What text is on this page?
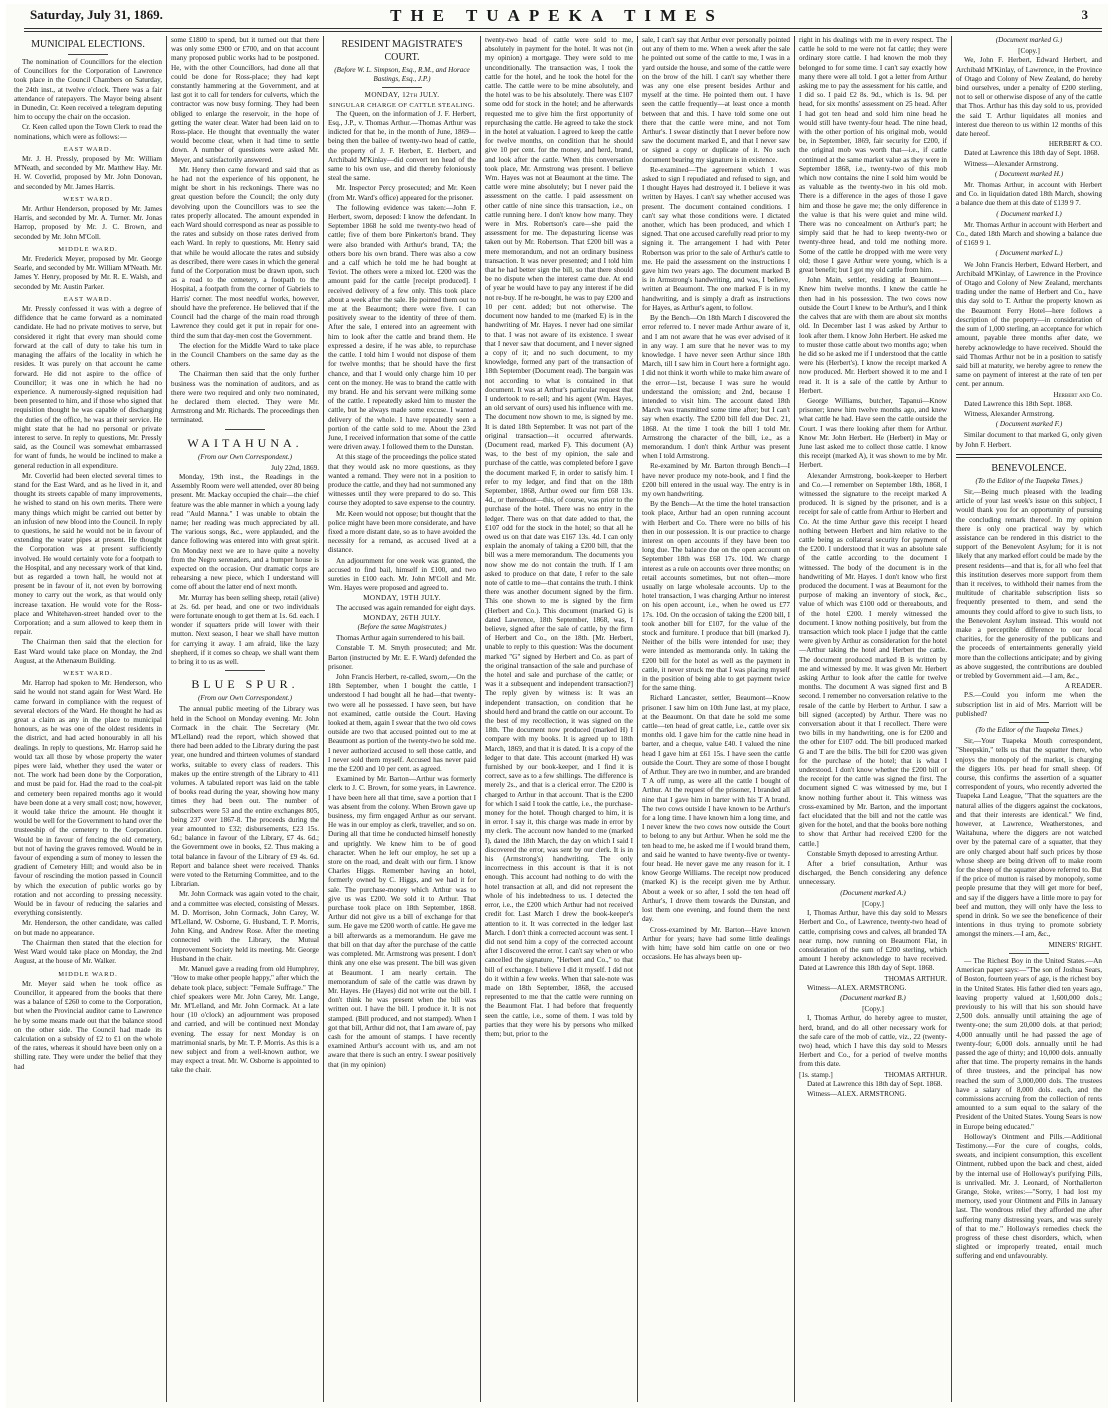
Saturday, July 31, 1869.	THE TUAPEKA TIMES	3
MUNICIPAL ELECTIONS.

The nomination of Councillors for the election of Councillors for the Corporation of Lawrence took place in the Council Chambers on Saturday, the 24th inst., at twelve o'clock. There was a fair attendance of ratepayers. The Mayor being absent in Dunedin, Cr. Keen received a telegram deputing him to occupy the chair on the occasion.

Cr. Keen called upon the Town Clerk to read the nominations, which were as follows:—

EAST WARD.

Mr. J. H. Pressly, proposed by Mr. William M'Neath, and seconded by Mr. Matthew Hay. Mr. H. W. Coverlid, proposed by Mr. John Donovan, and seconded by Mr. James Harris.

WEST WARD.

Mr. Arthur Henderson, proposed by Mr. James Harris, and seconded by Mr. A. Turner. Mr. Jonas Harrop, proposed by Mr. J. C. Brown, and seconded by Mr. John M'Coll.

MIDDLE WARD.

Mr. Frederick Meyer, proposed by Mr. George Searle, and seconded by Mr. William M'Neath. Mr. James Y. Henry, proposed by Mr. R. E. Walsh, and seconded by Mr. Austin Parker.

EAST WARD.

Mr. Pressly confessed it was with a degree of diffidence that he came forward as a nominated candidate. He had no private motives to serve, but considered it right that every man should come forward at the call of duty to take his turn in managing the affairs of the locality in which he resides. It was purely on that account he came forward. He did not aspire to the office of Councillor; it was one in which he had no experience. A numerously-signed requisition had been presented to him, and if those who signed that requisition thought he was capable of discharging the duties of the office, he was at their service. He might state that he had no personal or private interest to serve. In reply to questions, Mr. Pressly said, as the Council was somewhat embarrassed for want of funds, he would be inclined to make a general reduction in all expenditure.

Mr. Coverlid had been elected several times to stand for the East Ward, and as he lived in it, and thought its streets capable of many improvements, he wished to stand on his own merits. There were many things which might be carried out better by an infusion of new blood into the Council. In reply to questions, he said he would not be in favour of extending the water pipes at present. He thought the Corporation was at present sufficiently involved. He would certainly vote for a footpath to the Hospital, and any necessary work of that kind, but as regarded a town hall, he would not at present be in favour of it, not even by borrowing money to carry out the work, as that would only increase taxation. He would vote for the Ross-place and Whitehaven-street handed over to the Corporation; and a sum allowed to keep them in repair.

The Chairman then said that the election for East Ward would take place on Monday, the 2nd August, at the Athenæum Building.

WEST WARD.

Mr. Harrop had spoken to Mr. Henderson, who said he would not stand again for West Ward. He came forward in compliance with the request of several electors of the Ward. He thought he had as great a claim as any in the place to municipal honours, as he was one of the oldest residents in the district, and had acted honourably in all his dealings. In reply to questions, Mr. Harrop said he would tax all those by whose property the water pipes were laid, whether they used the water or not. The work had been done by the Corporation, and must be paid for. Had the road to the coal-pit and cemetery been repaired months ago it would have been done at a very small cost; now, however, it would take thrice the amount. He thought it would be well for the Government to hand over the trusteeship of the cemetery to the Corporation. Would be in favour of fencing the old cemetery, but not of having the graves removed. Would be in favour of expending a sum of money to lessen the gradient of Cemetery Hill; and would also be in favour of rescinding the motion passed in Council by which the execution of public works go by rotation and not according to pressing necessity. Would be in favour of reducing the salaries and everything consistently.

Mr. Henderson, the other candidate, was called on but made no appearance.

The Chairman then stated that the election for West Ward would take place on Monday, the 2nd August, at the house of Mr. Walker.

MIDDLE WARD.

Mr. Meyer said when he took office as Councillor, it appeared from the books that there was a balance of £260 to come to the Corporation, but when the Provincial auditor came to Lawrence he by some means made out that the balance stood on the other side. The Council had made its calculation on a subsidy of £2 to £1 on the whole of the rates, whereas it should have been only on a shilling rate. They were under the belief that they had

some £1800 to spend, but it turned out that there was only some £900 or £700, and on that account many proposed public works had to be postponed. He, with the other Councillors, had done all that could be done for Ross-place; they had kept constantly hammering at the Government, and at last got it to call for tenders for culverts, which the contractor was now busy forming. They had been obliged to enlarge the reservoir, in the hope of getting the water clear. Water had been laid on to Ross-place. He thought that eventually the water would become clear, when it had time to settle down. A number of questions were asked Mr. Meyer, and satisfactorily answered.

Mr. Henry then came forward and said that as he had not the experience of his opponent, he might be short in his reckonings. There was no great question before the Council; the only duty devolving upon the Councillors was to see the rates properly allocated. The amount expended in each Ward should correspond as near as possible to the rates and subsidy on those rates derived from each Ward. In reply to questions, Mr. Henry said that while he would allocate the rates and subsidy as described, there were cases in which the general fund of the Corporation must be drawn upon, such as a road to the cemetery, a footpath to the Hospital, a footpath from the corner of Gabriels to Harris' corner. The most needful works, however, should have the preference. He believed that if the Council had the charge of the main road through Lawrence they could get it put in repair for one-third the sum that day-men cost the Government.

The election for the Middle Ward to take place in the Council Chambers on the same day as the others.

The Chairman then said that the only further business was the nomination of auditors, and as there were two required and only two nominated, he declared them elected. They were Mr. Armstrong and Mr. Richards. The proceedings then terminated.

WAITAHUNA.
(From our Own Correspondent.)
July 22nd, 1869.

Monday, 19th inst., the Readings in the Assembly Room were well attended, over 80 being present. Mr. Mackay occupied the chair—the chief feature was the able manner in which a young lady read "Auld Manna." I was unable to obtain the name; her reading was much appreciated by all. The various songs, &c., were applauded, and the dance following was entered into with great spirit. On Monday next we are to have quite a novelty from the Negro serenaders, and a bumper house is expected on the occasion. Our dramatic corps are rehearsing a new piece, which I understand will come off about the latter end of next month.

Mr. Murray has been selling sheep, retail (alive) at 2s. 6d. per head, and one or two individuals were fortunate enough to get them at 1s. 6d. each. I wonder if squatters pride will lower with their mutton. Next season, I hear we shall have mutton for carrying it away. I am afraid, like the lazy shepherd, if it comes so cheap, we shall want them to bring it to us as well.

BLUE SPUR.
(From our Own Correspondent.)

The annual public meeting of the Library was held in the School on Monday evening. Mr. John Cormack in the chair. The Secretary (Mr. M'Lelland) read the report, which showed that there had been added to the Library during the past year, one hundred and thirteen volumes of standard works, suitable to every class of readers. This makes up the entire strength of the Library to 411 volumes. A tabulated report was laid on the table of books read during the year, showing how many times they had been out. The number of subscribers were 53 and the entire exchanges 805, being 237 over 1867-8. The proceeds during the year amounted to £32; disbursements, £23 15s. 6d.; balance in favour of the Library, £7 4s. 6d.; the Government owe in books, £2. Thus making a total balance in favour of the Library of £9 4s. 6d. Report and balance sheet were received. Thanks were voted to the Returning Committee, and to the Librarian.

Mr. John Cormack was again voted to the chair, and a committee was elected, consisting of Messrs. M. D. Morrison, John Cormack, John Carey, W. M'Lelland, W. Osborne, G. Husband, T. P. Morris, John King, and Andrew Rose. After the meeting connected with the Library, the Mutual Improvement Society held its meeting. Mr. George Husband in the chair.

Mr. Manuel gave a reading from old Humphrey, "How to make other people happy," after which the debate took place, subject: "Female Suffrage." The chief speakers were Mr. John Carey, Mr. Lange, Mr. M'Lelland, and Mr. John Cormack. At a late hour (10 o'clock) an adjournment was proposed and carried, and will be continued next Monday evening. The essay for next Monday is on matrimonial snarls, by Mr. T. P. Morris. As this is a new subject and from a well-known author, we may expect a treat. Mr. W. Osborne is appointed to take the chair.

RESIDENT MAGISTRATE'S COURT.
(Before W. L. Simpson, Esq., R.M., and Horace Bastings, Esq., J.P.)
MONDAY, 12th JULY.
SINGULAR CHARGE OF CATTLE STEALING.

The Queen, on the information of J. F. Herbert, Esq., J.P., v. Thomas Arthur.—Thomas Arthur was indicted for that he, in the month of June, 1869—being then the bailee of twenty-two head of cattle, the property of J. F. Herbert, E. Herbert, and Archibald M'Kinlay—did convert ten head of the same to his own use, and did thereby feloniously steal the same.

Mr. Inspector Percy prosecuted; and Mr. Keen (from Mr. Ward's office) appeared for the prisoner.

The following evidence was taken:—John F. Herbert, sworn, deposed: I know the defendant. In September 1868 he sold me twenty-two head of cattle; five of them bore Pinkerton's brand. They were also branded with Arthur's brand, TA; the others bore his own brand. There was also a cow and a calf which he told me he had bought at Teviot. The others were a mixed lot. £200 was the amount paid for the cattle [receipt produced]. I received delivery of a few only. This took place about a week after the sale. He pointed them out to me at the Beaumont; there were five. I can positively swear to the identity of three of them. After the sale, I entered into an agreement with him to look after the cattle and brand them. He expressed a desire, if he was able, to repurchase the cattle. I told him I would not dispose of them for twelve months; that he should have the first chance, and that I would only charge him 10 per cent on the money. He was to brand the cattle with my brand. He and his servant were milking some of the cattle. I repeatedly asked him to muster the cattle, but he always made some excuse. I wanted delivery of the whole. I have repeatedly seen a portion of the cattle sold to me. About the 23rd June, I received information that some of the cattle were driven away. I followed them to the Dunstan.

At this stage of the proceedings the police stated that they would ask no more questions, as they wanted a remand. They were not in a position to produce the cattle, and they had not summoned any witnesses until they were prepared to do so. This course they adopted to save expense to the country.

Mr. Keen would not oppose; but thought that the police might have been more considerate, and have fixed a more distant date, so as to have avoided the necessity for a remand, as accused lived at a distance.

An adjournment for one week was granted, the accused to find bail, himself in £100, and two sureties in £100 each. Mr. John M'Coll and Mr. Wm. Hayes were proposed and agreed to.

MONDAY, 19TH JULY.

The accused was again remanded for eight days.

MONDAY, 26TH JULY.
(Before the same Magistrates.)

Thomas Arthur again surrendered to his bail.

Constable T. M. Smyth prosecuted; and Mr. Barton (instructed by Mr. E. F. Ward) defended the prisoner.

John Francis Herbert, re-called, sworn,—On the 18th September, when I bought the cattle, I understood I had bought all he had—that twenty-two were all he possessed. I have seen, but have not examined, cattle outside the Court. Having looked at them, again I swear that the two old cows outside are two that accused pointed out to me at Beaumont as portion of the twenty-two he sold me. I never authorized accused to sell those cattle, and I never sold them myself. Accused has never paid me the £200 and 10 per cent. as agreed.

Examined by Mr. Barton—Arthur was formerly clerk to J. C. Brown, for some years, in Lawrence. I have been here all that time, save a portion that I was absent from the colony. When Brown gave up business, my firm engaged Arthur as our servant. He was in our employ as clerk, traveller, and so on. During all that time he conducted himself honestly and uprightly. We knew him to be of good character. When he left our employ, he set up a store on the road, and dealt with our firm. I know Charles Higgs. Remember having an hotel, formerly owned by C. Higgs, and we had it for sale. The purchase-money which Arthur was to give us was £200. We sold it to Arthur. That purchase took place on 18th September, 1868. Arthur did not give us a bill of exchange for that sum. He gave me £200 worth of cattle. He gave me a bill afterwards as a memorandum. He gave me that bill on that day after the purchase of the cattle was completed. Mr. Armstrong was present. I don't think any one else was present. The bill was given at Beaumont. I am nearly certain. The memorandum of sale of the cattle was drawn by Mr. Hayes. He (Hayes) did not write out the bill. I don't think he was present when the bill was written out. I have the bill. I produce it. It is not stamped. (Bill produced, and not stamped). When I got that bill, Arthur did not, that I am aware of, pay cash for the amount of stamps. I have recently examined Arthur's account with us, and am not aware that there is such an entry. I swear positively that (in my opinion)

twenty-two head of cattle were sold to me, absolutely in payment for the hotel. It was not (in my opinion) a mortgage. They were sold to me unconditionally. The transaction was, I took the cattle for the hotel, and he took the hotel for the cattle. The cattle were to be mine absolutely, and the hotel was to be his absolutely. There was £107 some odd for stock in the hotel; and he afterwards requested me to give him the first opportunity of repurchasing the cattle. He agreed to take the stock in the hotel at valuation. I agreed to keep the cattle for twelve months, on condition that he should give 10 per cent. for the money, and herd, brand, and look after the cattle. When this conversation took place, Mr. Armstrong was present. I believe Wm. Hayes was not at Beaumont at the time. The cattle were mine absolutely; but I never paid the assessment on the cattle. I paid assessment on other cattle of nine since this transaction, i.e., on cattle running here. I don't know how many. They were in Mrs. Robertson's care—she paid the assessment for me. The depasturing license was taken out by Mr. Robertson. That £200 bill was a mere memorandum, and not an ordinary business transaction. It was never presented; and I told him that he had better sign the bill, so that there should be no dispute when the interest came due. At end of year he would have to pay any interest if he did not re-buy. If he re-bought, he was to pay £200 and 10 per cent. added; but not otherwise. The document now handed to me (marked E) is in the handwriting of Mr. Hayes. I never had one similar to that. I was not aware of its existence. I swear that I never saw that document, and I never signed a copy of it; and no such document, to my knowledge, formed any part of the transaction of 18th September (Document read). The bargain was not according to what is contained in that document. It was at Arthur's particular request that I undertook to re-sell; and his agent (Wm. Hayes, an old servant of ours) used his influence with me. The document now shown to me, is signed by me. It is dated 18th September. It was not part of the original transaction—it occurred afterwards. (Document read, marked F). This document (A) was, to the best of my opinion, the sale and purchase of the cattle, was completed before I gave the document marked F, in order to satisfy him. I refer to my ledger, and find that on the 18th September, 1868, Arthur owed our firm £68 13s. 4d., or thereabout—this, of course, was prior to the purchase of the hotel. There was no entry in the ledger. There was on that date added to that, the £107 odd for the stock in the hotel; so that all he owed us on that date was £167 13s. 4d. I can only explain the anomaly of taking a £200 bill, that the bill was a mere memorandum. The documents you now show me do not contain the truth. If I am asked to produce on that date, I refer to the sale note of cattle to me—that contains the truth. I think there was another document signed by the firm. This one shown to me is signed by the firm (Herbert and Co.). This document (marked G) is dated Lawrence, 18th September, 1868, was, I believe, signed after the sale of cattle, by the firm of Herbert and Co., on the 18th. [Mr. Herbert, unable to reply to this question: Was the document marked "G" signed by Herbert and Co. as part of the original transaction of the sale and purchase of the hotel and sale and purchase of the cattle; or was it a subsequent and independent transaction?] The reply given by witness is: It was an independent transaction, on condition that he should herd and brand the cattle on our account. To the best of my recollection, it was signed on the 18th. The document now produced (marked H) I compare with my books. It is agreed up to 18th March, 1869, and that it is dated. It is a copy of the ledger to that date. This account (marked H) was furnished by our book-keeper, and I find it is correct, save as to a few shillings. The difference is merely 2s., and that is a clerical error. The £200 is charged to Arthur in that account. That is the £200 for which I said I took the cattle, i.e., the purchase-money for the hotel. Though charged to him, it is in error. I say it, this charge was made in error by my clerk. The account now handed to me (marked I), dated the 18th March, the day on which I said I discovered the error, was sent by our clerk. It is in his (Armstrong's) handwriting. The only incorrectness in this account is that it is not enough. This account had nothing to do with the hotel transaction at all, and did not represent the whole of his indebtedness to us. I detected the error, i.e., the £200 which Arthur had not received credit for. Last March I drew the book-keeper's attention to it. It was corrected in the ledger last March. I don't think a corrected account was sent. I did not send him a copy of the corrected account after I discovered the error. I can't say when or who cancelled the signature, "Herbert and Co.," to that bill of exchange. I believe I did it myself. I did not do it within a few weeks. When that sale-note was made on 18th September, 1868, the accused represented to me that the cattle were running on the Beaumont Flat. I had before that frequently seen the cattle, i.e., some of them. I was told by parties that they were his by persons who milked them; but, prior to the

sale, I can't say that Arthur ever personally pointed out any of them to me. When a week after the sale he pointed out some of the cattle to me, I was in a yard outside the house, and some of the cattle were on the brow of the hill. I can't say whether there was any one else present besides Arthur and myself at the time. He pointed them out. I have seen the cattle frequently—at least once a month between that and this. I have told some one out there that the cattle were mine, and not Tom Arthur's. I swear distinctly that I never before now saw the document marked E, and that I never saw or signed a copy or duplicate of it. No such document bearing my signature is in existence.

Re-examined—The agreement which I was asked to sign I repudiated and refused to sign, and I thought Hayes had destroyed it. I believe it was written by Hayes. I can't say whether accused was present. The document contained conditions. I can't say what those conditions were. I dictated another, which has been produced, and which I signed. That one accused carefully read prior to my signing it. The arrangement I had with Peter Robertson was prior to the sale of Arthur's cattle to me. He paid the assessment on the instructions I gave him two years ago. The document marked B is in Armstrong's handwriting, and was, I believe, written at Beaumont. The one marked F is in my handwriting, and is simply a draft as instructions for Hayes, as Arthur's agent, to follow.

By the Bench—On 18th March I discovered the error referred to. I never made Arthur aware of it, and I am not aware that he was ever advised of it in any way. I am sure that he never was to my knowledge. I have never seen Arthur since 18th March, till I saw him in Court here a fortnight ago. I did not think it worth while to make him aware of the error—1st, because I was sure he would understand the omission; and 2nd, because I intended to visit him. The account dated 18th March was transmitted some time after; but I can't say when exactly. The £200 bill fell due Dec. 21, 1868. At the time I took the bill I told Mr. Armstrong the character of the bill, i.e., as a memorandum. I don't think Arthur was present when I told Armstrong.

Re-examined by Mr. Barton through Bench—I have never produce my note-book, and I find the £200 bill entered in the usual way. The entry is in my own handwriting.

By the Bench—At the time the hotel transaction took place, Arthur had an open running account with Herbert and Co. There were no bills of his then in our possession. It is our practice to charge interest on open accounts if they have been too long due. The balance due on the open account on September 18th was £68 17s. 10d. We charge interest as a rule on accounts over three months; on retail accounts sometimes, but not often—more usually on large wholesale accounts. Up to the hotel transaction, I was charging Arthur no interest on his open account, i.e., when he owed us £77 17s. 10d. On the occasion of taking the £200 bill, I took another bill for £107, for the value of the stock and furniture. I produce that bill (marked J). Neither of the bills were intended for use; they were intended as memoranda only. In taking the £200 bill for the hotel as well as the payment in cattle, it never struck me that I was placing myself in the position of being able to get payment twice for the same thing.

Richard Lancaster, settler, Beaumont—Know prisoner. I saw him on 10th June last, at my place, at the Beaumont. On that date he sold me some cattle—ten head of great cattle, i.e., cattle over six months old. I gave him for the cattle nine head in barter, and a cheque, value £40. I valued the nine head I gave him at £61 15s. I have seen the cattle outside the Court. They are some of those I bought of Arthur. They are two in number, and are branded T A off rump, as were all the cattle I bought of Arthur. At the request of the prisoner, I branded all nine that I gave him in barter with his T A brand. The two cows outside I have known to be Arthur's for a long time. I have known him a long time, and I never knew the two cows now outside the Court to belong to any but Arthur. When he sold me the ten head to me, he asked me if I would brand them, and said he wanted to have twenty-five or twenty-four head. He never gave me any reason for it. I know George Williams. The receipt now produced (marked K) is the receipt given me by Arthur. About a week or so after, I sold the ten head off Arthur's, I drove them towards the Dunstan, and lost them one evening, and found them the next day.

Cross-examined by Mr. Barton—Have known Arthur for years; have had some little dealings with him; have sold him cattle on one or two occasions. He has always been up-

right in his dealings with me in every respect. The cattle he sold to me were not fat cattle; they were ordinary store cattle. I had known the mob they belonged to for some time. I can't say exactly how many there were all told. I got a letter from Arthur asking me to pay the assessment for his cattle, and I did so. I paid £2 8s. 9d., which is 1s. 9d. per head, for six months' assessment on 25 head. After I had got ten head and sold him nine head he would still have twenty-four head. The nine head, with the other portion of his original mob, would be, in September, 1869, fair security for £200, if the original mob was worth that—i.e., if cattle continued at the same market value as they were in September 1868, i.e., twenty-two of this mob which now contains the nine I sold him would be as valuable as the twenty-two in his old mob. There is a difference in the ages of those I gave him and those he gave me; the only difference in the value is that his were quiet and mine wild. There was no concealment on Arthur's part; he simply said that he had to keep twenty-two or twenty-three head, and told me nothing more. Some of the cattle he dropped with me were very old; those I gave Arthur were young, which is a great benefit; but I got my old cattle from him.

John Main, settler, residing at Beaumont—Knew him twelve months. I knew the cattle he then had in his possession. The two cows now outside the Court I knew to be Arthur's, and I think the calves that are with them are about six months old. In December last I was asked by Arthur to look after them. I know John Herbert. He asked me to muster those cattle about two months ago; when he did so he asked me if I understood that the cattle were his (Herbert's). I know the receipt marked A now produced. Mr. Herbert showed it to me and I read it. It is a sale of the cattle by Arthur to Herbert.

George Williams, butcher, Tapanui—Know prisoner; knew him twelve months ago, and knew what cattle he had. Have seen the cattle outside the Court. I was there looking after them for Arthur. Know Mr. John Herbert. He (Herbert) in May or June last asked me to collect those cattle. I know this receipt (marked A), it was shown to me by Mr. Herbert.

Alexander Armstrong, book-keeper to Herbert and Co.—I remember on September 18th, 1868, I witnessed the signature to the receipt marked A produced. It is signed by the prisoner, and is a receipt for sale of cattle from Arthur to Herbert and Co. At the time Arthur gave this receipt I heard nothing between Herbert and him relative to the cattle being as collateral security for payment of the £200. I understood that it was an absolute sale of the cattle according to the document I witnessed. The body of the document is in the handwriting of Mr. Hayes. I don't know who first produced the document. I was at Beaumont for the purpose of making an inventory of stock, &c., value of which was £100 odd or thereabouts, and of the hotel £200. I merely witnessed the document. I know nothing positively, but from the transaction which took place I judge that the cattle were given by Arthur as consideration for the hotel—Arthur taking the hotel and Herbert the cattle. The document produced marked B is written by me and witnessed by me. It was given Mr. Herbert asking Arthur to look after the cattle for twelve months. The document A was signed first and B second. I remember no conversation relative to the resale of the cattle by Herbert to Arthur. I saw a bill signed (accepted) by Arthur. There was no conversation about it that I recollect. There were two bills in my handwriting, one is for £200 and the other for £107 odd. The bill produced marked G and T are the bills. The bill for £200 was given for the purchase of the hotel; that is what I understood. I don't know whether the £200 bill or the receipt for the cattle was signed the first. The document signed C was witnessed by me, but I know nothing further about it. This witness was cross-examined by Mr. Barton, and the important fact elucidated that the bill and not the cattle was given for the hotel, and that the books bore nothing to show that Arthur had received £200 for the cattle.]

Constable Smyth deposed to arresting Arthur.

After a brief consultation, Arthur was discharged, the Bench considering any defence unnecessary.

(Document marked A.)
[Copy.]

I, Thomas Arthur, have this day sold to Messrs Herbert and Co., of Lawrence, twenty-two head of cattle, comprising cows and calves, all branded TA near rump, now running on Beaumont Flat, in consideration of the sum of £200 sterling, which amount I hereby acknowledge to have received. Dated at Lawrence this 18th day of Sept. 1868.

THOMAS ARTHUR.

Witness—ALEX. ARMSTRONG.

(Document marked B.)
[Copy.]

I, Thomas Arthur, do hereby agree to muster, herd, brand, and do all other necessary work for the safe care of the mob of cattle, viz., 22 (twenty-two) head, which I have this day sold to Messrs Herbert and Co., for a period of twelve months from this date.

[1s. stamp.]	THOMAS ARTHUR.

Dated at Lawrence this 18th day of Sept. 1868.

Witness—ALEX. ARMSTRONG.

(Document marked G.)
[Copy.]

We, John F. Herbert, Edward Herbert, and Archibald M'Kinlay, of Lawrence, in the Province of Otago and Colony of New Zealand, do hereby bind ourselves, under a penalty of £200 sterling, not to sell or otherwise dispose of any of the cattle that Thos. Arthur has this day sold to us, provided the said T. Arthur liquidates all monies and interest due thereon to us within 12 months of this date hereof.

HERBERT & CO.

Dated at Lawrence this 18th day of Sept. 1868.

Witness—Alexander Armstrong.

( Document marked H.)

Mr. Thomas Arthur, in account with Herbert and Co. in liquidation dated 18th March, showing a balance due them at this date of £139 9 7.

( Document marked I.)

Mr. Thomas Arthur in account with Herbert and Co., dated 18th March and showing a balance due of £169 9 1.

( Document marked L.)

We John Francis Herbert, Edward Herbert, and Archibald M'Kinlay, of Lawrence in the Province of Otago and Colony of New Zealand, merchants trading under the name of Herbert and Co., have this day sold to T. Arthur the property known as the Beaumont Ferry Hotel—here follows a description of the property—in consideration of the sum of 1,000 sterling, an acceptance for which amount, payable three months after date, we hereby acknowledge to have received. Should the said Thomas Arthur not be in a position to satisfy said bill at maturity, we hereby agree to renew the same on payment of interest at the rate of ten per cent. per annum.

Herbert and Co.

Dated Lawrence this 18th Sept. 1868.

Witness, Alexander Armstrong.

( Document marked F.)

Similar document to that marked G, only given by John F. Herbert.

BENEVOLENCE.
(To the Editor of the Tuapeka Times.)

Sir,—Being much pleased with the leading article of your last week's issue on this subject, I would thank you for an opportunity of pursuing the concluding remark thereof. In my opinion there is only one practical way by which assistance can be rendered in this district to the support of the Benevolent Asylum; for it is not likely that any marked effort could be made by the present residents—and that is, for all who feel that this institution deserves more support from them than it receives, to withhold their names from the multitude of charitable subscription lists so frequently presented to them, and send the amounts they could afford to give to such lists, to the Benevolent Asylum instead. This would not make a perceptible difference to our local charities, for the generosity of the publicans and the proceeds of entertainments generally yield more than the collections anticipate; and by giving as above suggested, the contributions are doubled or trebled by Government aid.—I am, &c.,

A READER.

P.S.—Could you inform me when the subscription list in aid of Mrs. Marriott will be published?

(To the Editor of the Tuapeka Times.)

Sir,—Your Tuapeka Mouth correspondent, "Sheepskin," tells us that the squatter there, who enjoys the monopoly of the market, is charging the diggers 10s. per head for small sheep. Of course, this confirms the assertion of a squatter correspondent of yours, who recently adverted the Tuapeka Land League, "That the squatters are the natural allies of the diggers against the cockatoos, and that their interests are identical." We find, however, at Lawrence, Weatherstones, and Waitahuna, where the diggers are not watched over by the paternal care of a squatter, that they are only charged about half such prices by those whose sheep are being driven off to make room for the sheep of the squatter above referred to. But if the price of mutton is raised by monopoly, some people presume that they will get more for beef, and say if the diggers have a little more to pay for beef and mutton, they will only have the less to spend in drink. So we see the beneficence of their intentions in thus trying to promote sobriety amongst the miners.—I am, &c.,

MINERS' RIGHT.

— The Richest Boy in the United States.—An American paper says:—"The son of Joshua Sears, of Boston, fourteen years of age, is the richest boy in the United States. His father died ten years ago, leaving property valued at 1,600,000 dols.; previously to his will that his son should have 2,500 dols. annually until attaining the age of twenty-one; the sum 20,000 dols. at that period; 4,000 annually until he had passed the age of twenty-four; 6,000 dols. annually until he had passed the age of thirty; and 10,000 dols. annually after that time. The property remains in the hands of three trustees, and the principal has now reached the sum of 3,000,000 dols. The trustees have a salary of 8,000 dols. each, and the commissions accruing from the collection of rents amounted to a sum equal to the salary of the President of the United States. Young Sears is now in Europe being educated."

Holloway's Ointment and Pills.—Additional Testimony.—For the cure of coughs, colds, sweats, and incipient consumption, this excellent Ointment, rubbed upon the back and chest, aided by the internal use of Holloway's purifying Pills, is unrivalled. Mr. J. Leonard, of Northallerton Grange, Stoke, writes:—"Sorry, I had lost my memory, used your Ointment and Pills in January last. The wondrous relief they afforded me after suffering many distressing years, and was surely of that to me." Holloway's remedies check the progress of these chest disorders, which, when slighted or improperly treated, entail much suffering and end unfavourably.
